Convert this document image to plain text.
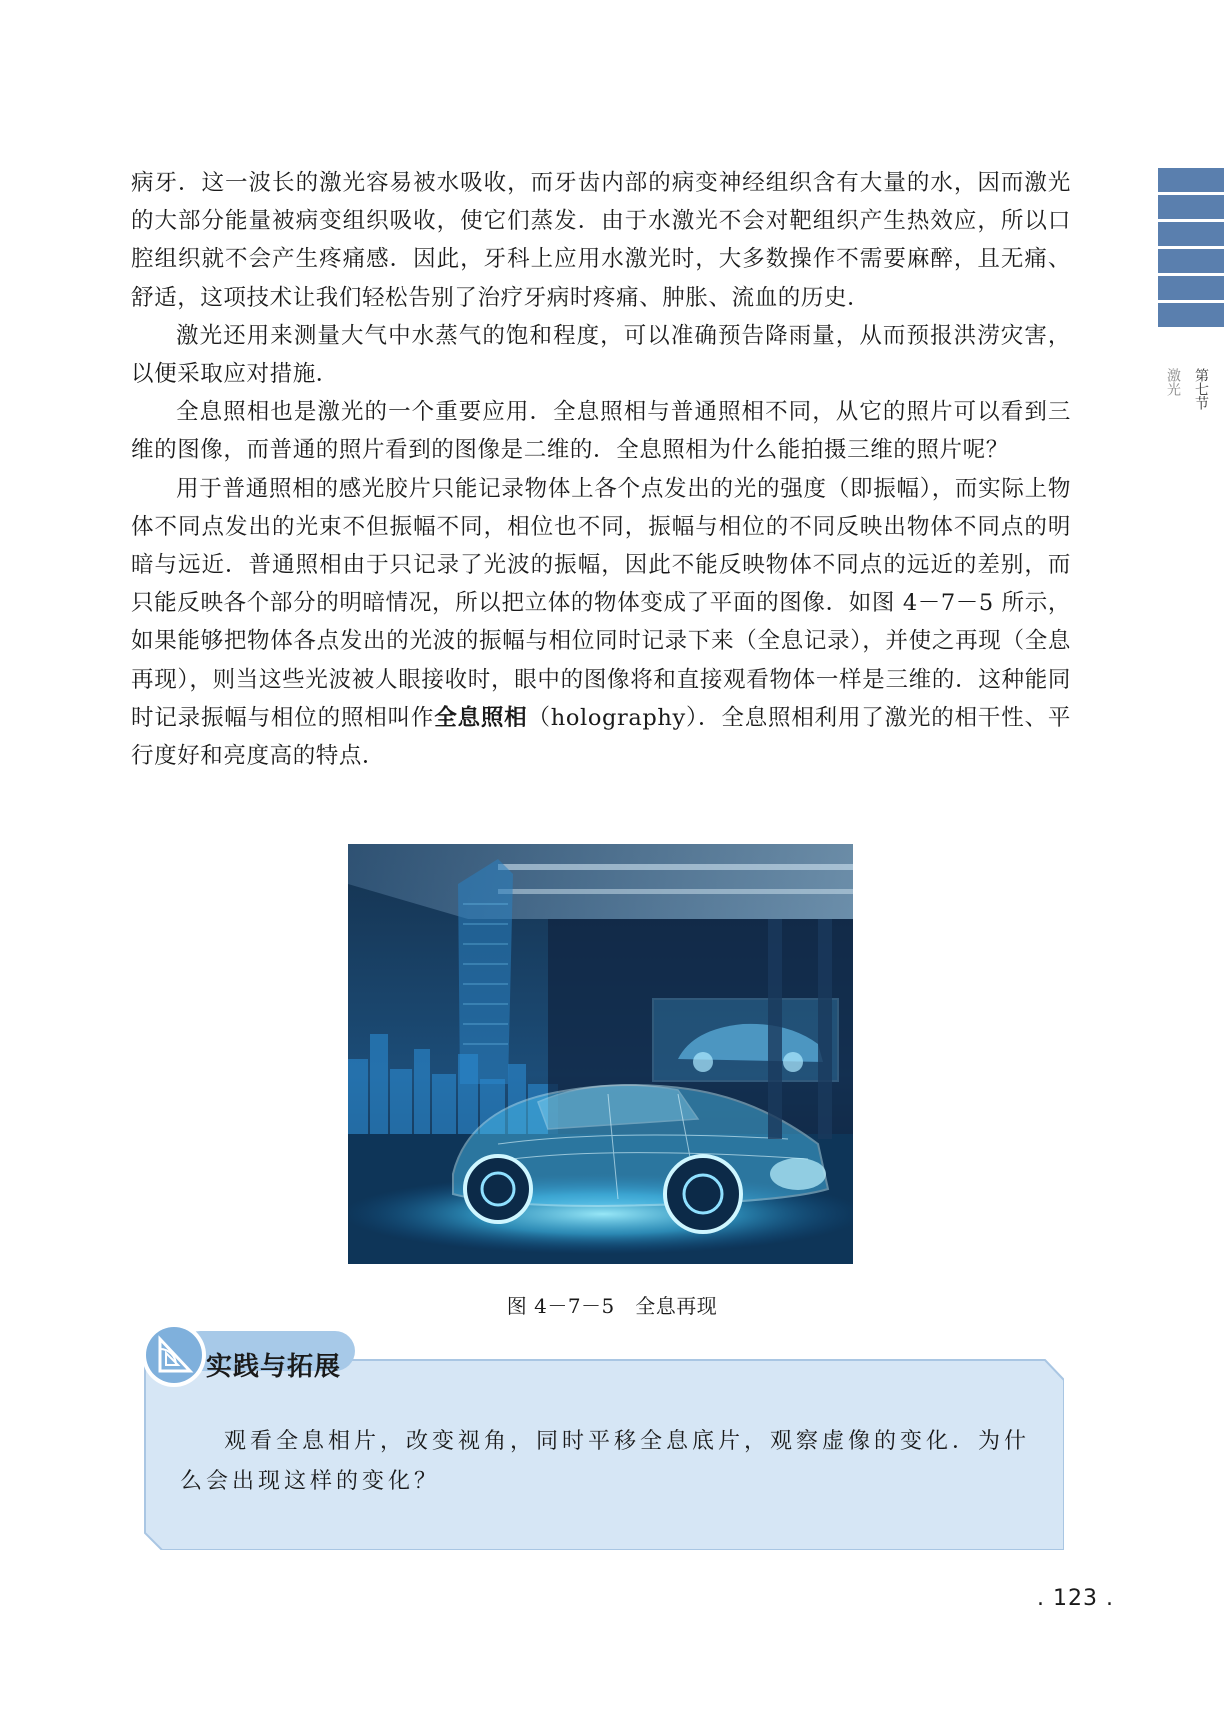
第七节
激光

病牙．这一波长的激光容易被水吸收，而牙齿内部的病变神经组织含有大量的水，因而激光的大部分能量被病变组织吸收，使它们蒸发．由于水激光不会对靶组织产生热效应，所以口腔组织就不会产生疼痛感．因此，牙科上应用水激光时，大多数操作不需要麻醉，且无痛、舒适，这项技术让我们轻松告别了治疗牙病时疼痛、肿胀、流血的历史．

激光还用来测量大气中水蒸气的饱和程度，可以准确预告降雨量，从而预报洪涝灾害，以便采取应对措施．

全息照相也是激光的一个重要应用．全息照相与普通照相不同，从它的照片可以看到三维的图像，而普通的照片看到的图像是二维的．全息照相为什么能拍摄三维的照片呢？

用于普通照相的感光胶片只能记录物体上各个点发出的光的强度（即振幅），而实际上物体不同点发出的光束不但振幅不同，相位也不同，振幅与相位的不同反映出物体不同点的明暗与远近．普通照相由于只记录了光波的振幅，因此不能反映物体不同点的远近的差别，而只能反映各个部分的明暗情况，所以把立体的物体变成了平面的图像．如图 4－7－5 所示，如果能够把物体各点发出的光波的振幅与相位同时记录下来（全息记录），并使之再现（全息再现），则当这些光波被人眼接收时，眼中的图像将和直接观看物体一样是三维的．这种能同时记录振幅与相位的照相叫作全息照相（holography）．全息照相利用了激光的相干性、平行度好和亮度高的特点．

图 4－7－5　 全息再现
实践与拓展
观看全息相片，改变视角，同时平移全息底片，观察虚像的变化．为什么会出现这样的变化？
. 123 .
